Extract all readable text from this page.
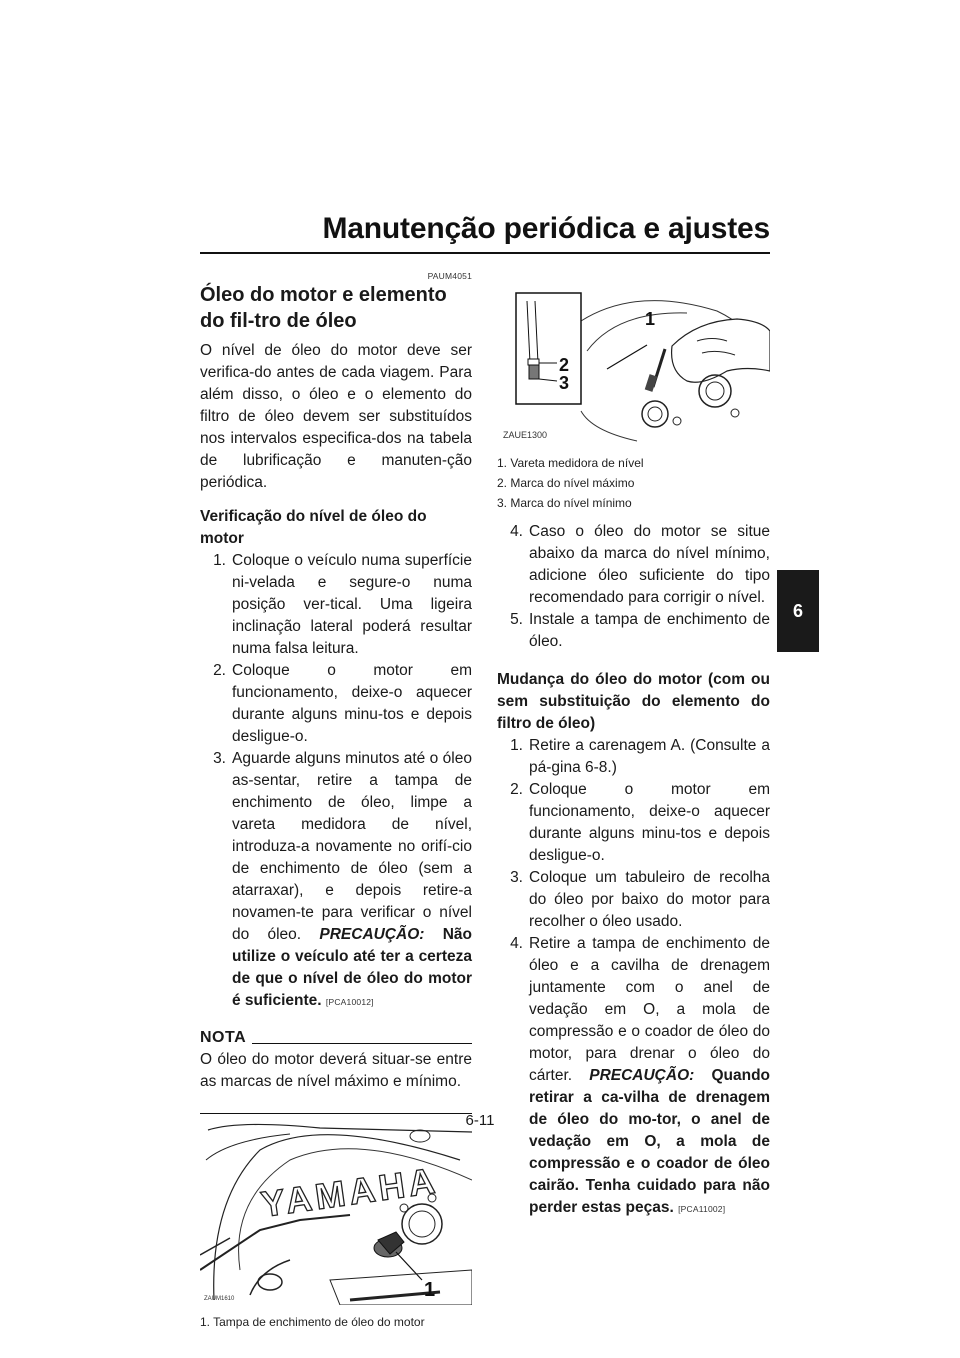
Manutenção periódica e ajustes
6
PAUM4051
Óleo do motor e elemento do fil-tro de óleo

O nível de óleo do motor deve ser verifica-do antes de cada viagem. Para além disso, o óleo e o elemento do filtro de óleo devem ser substituídos nos intervalos especifica-dos na tabela de lubrificação e manuten-ção periódica.

Verificação do nível de óleo do motor
1. Coloque o veículo numa superfície ni-velada e segure-o numa posição ver-tical. Uma ligeira inclinação lateral poderá resultar numa falsa leitura.
2. Coloque o motor em funcionamento, deixe-o aquecer durante alguns minu-tos e depois desligue-o.
3. Aguarde alguns minutos até o óleo as-sentar, retire a tampa de enchimento de óleo, limpe a vareta medidora de nível, introduza-a novamente no orifí-cio de enchimento de óleo (sem a atarraxar), e depois retire-a novamen-te para verificar o nível do óleo. PRECAUÇÃO: Não utilize o veículo até ter a certeza de que o nível de óleo do motor é suficiente. [PCA10012]
NOTA

O óleo do motor deverá situar-se entre as marcas de nível máximo e mínimo.

YAMAHA
1
ZAUM1610
1. Tampa de enchimento de óleo do motor
1
2
3
ZAUE1300
1. Vareta medidora de nível
2. Marca do nível máximo
3. Marca do nível mínimo
4. Caso o óleo do motor se situe abaixo da marca do nível mínimo, adicione óleo suficiente do tipo recomendado para corrigir o nível.
5. Instale a tampa de enchimento de óleo.
Mudança do óleo do motor (com ou sem substituição do elemento do filtro de óleo)
1. Retire a carenagem A. (Consulte a pá-gina 6-8.)
2. Coloque o motor em funcionamento, deixe-o aquecer durante alguns minu-tos e depois desligue-o.
3. Coloque um tabuleiro de recolha do óleo por baixo do motor para recolher o óleo usado.
4. Retire a tampa de enchimento de óleo e a cavilha de drenagem juntamente com o anel de vedação em O, a mola de compressão e o coador de óleo do motor, para drenar o óleo do cárter. PRECAUÇÃO: Quando retirar a ca-vilha de drenagem de óleo do mo-tor, o anel de vedação em O, a mola de compressão e o coador de óleo cairão. Tenha cuidado para não perder estas peças. [PCA11002]
6-11
